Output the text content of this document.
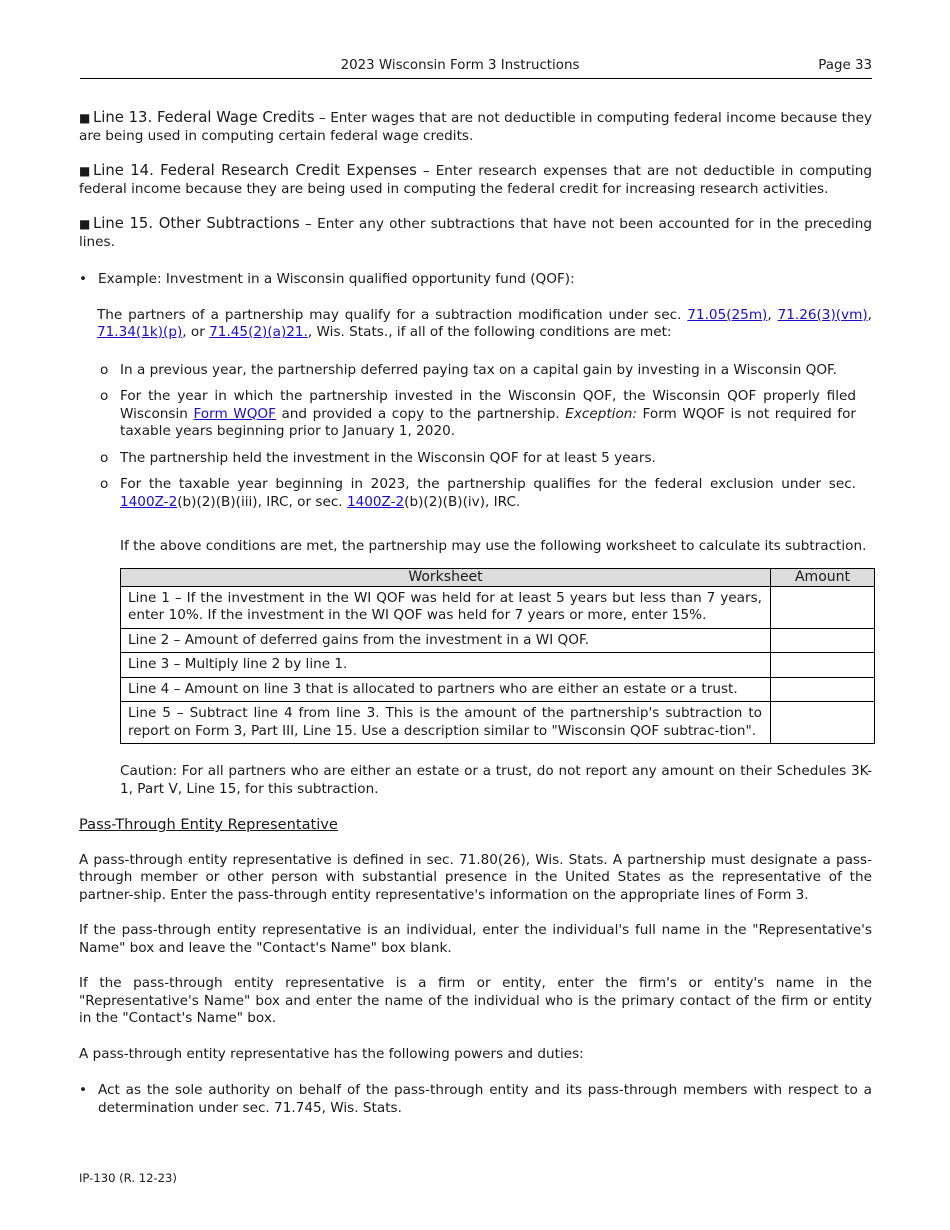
2023 Wisconsin Form 3 Instructions	Page 33

■ Line 13. Federal Wage Credits – Enter wages that are not deductible in computing federal income because they are being used in computing certain federal wage credits.

■ Line 14. Federal Research Credit Expenses – Enter research expenses that are not deductible in computing federal income because they are being used in computing the federal credit for increasing research activities.

■ Line 15. Other Subtractions – Enter any other subtractions that have not been accounted for in the preceding lines.

• Example: Investment in a Wisconsin qualified opportunity fund (QOF):

The partners of a partnership may qualify for a subtraction modification under sec. 71.05(25m), 71.26(3)(vm), 71.34(1k)(p), or 71.45(2)(a)21., Wis. Stats., if all of the following conditions are met:

o In a previous year, the partnership deferred paying tax on a capital gain by investing in a Wisconsin QOF.

o For the year in which the partnership invested in the Wisconsin QOF, the Wisconsin QOF properly filed Wisconsin Form WQOF and provided a copy to the partnership. Exception: Form WQOF is not required for taxable years beginning prior to January 1, 2020.

o The partnership held the investment in the Wisconsin QOF for at least 5 years.

o For the taxable year beginning in 2023, the partnership qualifies for the federal exclusion under sec. 1400Z-2(b)(2)(B)(iii), IRC, or sec. 1400Z-2(b)(2)(B)(iv), IRC.

If the above conditions are met, the partnership may use the following worksheet to calculate its subtraction.

Worksheet	Amount
Line 1 – If the investment in the WI QOF was held for at least 5 years but less than 7 years, enter 10%. If the investment in the WI QOF was held for 7 years or more, enter 15%.	
Line 2 – Amount of deferred gains from the investment in a WI QOF.	
Line 3 – Multiply line 2 by line 1.	
Line 4 – Amount on line 3 that is allocated to partners who are either an estate or a trust.	
Line 5 – Subtract line 4 from line 3. This is the amount of the partnership's subtraction to report on Form 3, Part III, Line 15. Use a description similar to "Wisconsin QOF subtrac-tion".	

Caution: For all partners who are either an estate or a trust, do not report any amount on their Schedules 3K-1, Part V, Line 15, for this subtraction.

Pass-Through Entity Representative

A pass-through entity representative is defined in sec. 71.80(26), Wis. Stats. A partnership must designate a pass-through member or other person with substantial presence in the United States as the representative of the partner-ship. Enter the pass-through entity representative's information on the appropriate lines of Form 3.

If the pass-through entity representative is an individual, enter the individual's full name in the "Representative's Name" box and leave the "Contact's Name" box blank.

If the pass-through entity representative is a firm or entity, enter the firm's or entity's name in the "Representative's Name" box and enter the name of the individual who is the primary contact of the firm or entity in the "Contact's Name" box.

A pass-through entity representative has the following powers and duties:

• Act as the sole authority on behalf of the pass-through entity and its pass-through members with respect to a determination under sec. 71.745, Wis. Stats.

IP-130 (R. 12-23)
